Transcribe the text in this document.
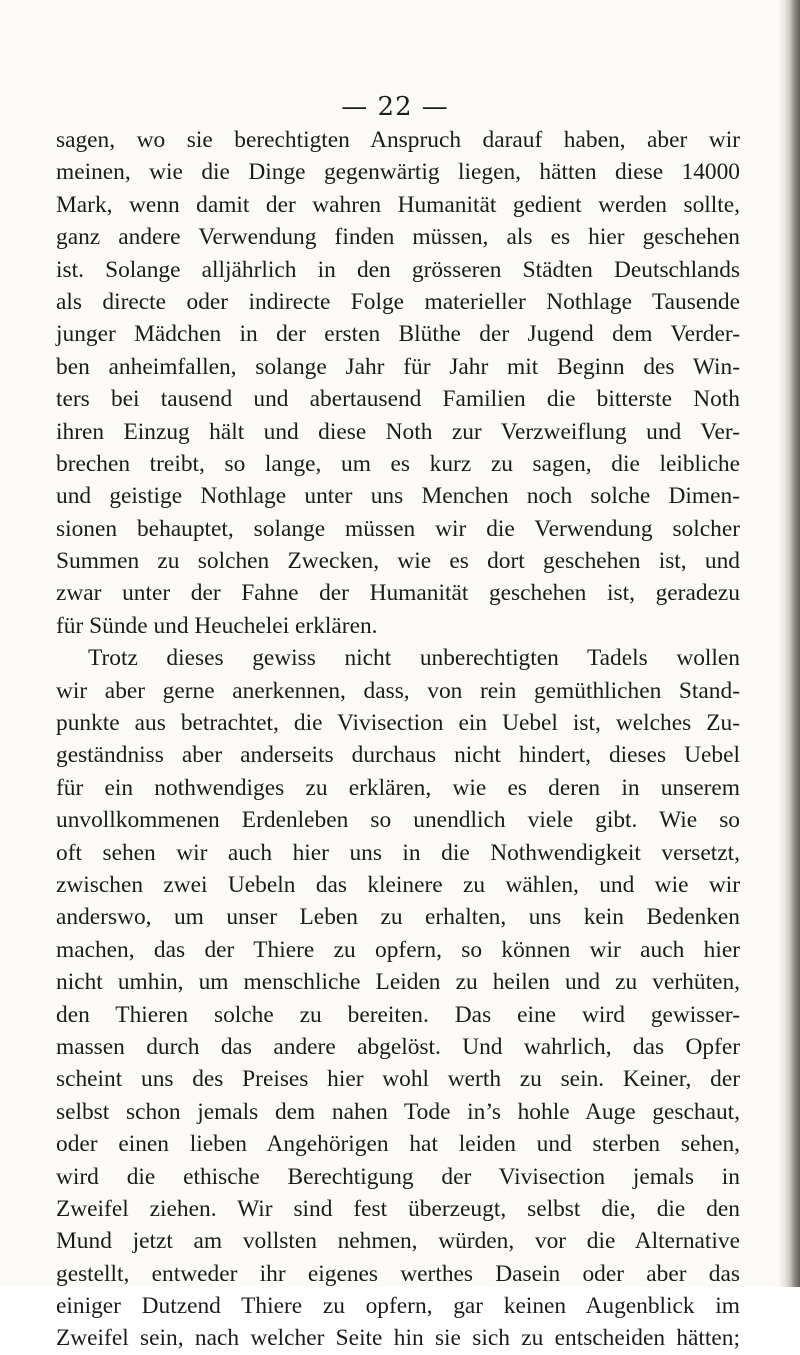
— 22 —
sagen, wo sie berechtigten Anspruch darauf haben, aber wir
meinen, wie die Dinge gegenwärtig liegen, hätten diese 14000
Mark, wenn damit der wahren Humanität gedient werden sollte,
ganz andere Verwendung finden müssen, als es hier geschehen
ist. Solange alljährlich in den grösseren Städten Deutschlands
als directe oder indirecte Folge materieller Nothlage Tausende
junger Mädchen in der ersten Blüthe der Jugend dem Verder-
ben anheimfallen, solange Jahr für Jahr mit Beginn des Win-
ters bei tausend und abertausend Familien die bitterste Noth
ihren Einzug hält und diese Noth zur Verzweiflung und Ver-
brechen treibt, so lange, um es kurz zu sagen, die leibliche
und geistige Nothlage unter uns Menchen noch solche Dimen-
sionen behauptet, solange müssen wir die Verwendung solcher
Summen zu solchen Zwecken, wie es dort geschehen ist, und
zwar unter der Fahne der Humanität geschehen ist, geradezu
für Sünde und Heuchelei erklären.
Trotz dieses gewiss nicht unberechtigten Tadels wollen
wir aber gerne anerkennen, dass, von rein gemüthlichen Stand-
punkte aus betrachtet, die Vivisection ein Uebel ist, welches Zu-
geständniss aber anderseits durchaus nicht hindert, dieses Uebel
für ein nothwendiges zu erklären, wie es deren in unserem
unvollkommenen Erdenleben so unendlich viele gibt. Wie so
oft sehen wir auch hier uns in die Nothwendigkeit versetzt,
zwischen zwei Uebeln das kleinere zu wählen, und wie wir
anderswo, um unser Leben zu erhalten, uns kein Bedenken
machen, das der Thiere zu opfern, so können wir auch hier
nicht umhin, um menschliche Leiden zu heilen und zu verhüten,
den Thieren solche zu bereiten. Das eine wird gewisser-
massen durch das andere abgelöst. Und wahrlich, das Opfer
scheint uns des Preises hier wohl werth zu sein. Keiner, der
selbst schon jemals dem nahen Tode in’s hohle Auge geschaut,
oder einen lieben Angehörigen hat leiden und sterben sehen,
wird die ethische Berechtigung der Vivisection jemals in
Zweifel ziehen. Wir sind fest überzeugt, selbst die, die den
Mund jetzt am vollsten nehmen, würden, vor die Alternative
gestellt, entweder ihr eigenes werthes Dasein oder aber das
einiger Dutzend Thiere zu opfern, gar keinen Augenblick im
Zweifel sein, nach welcher Seite hin sie sich zu entscheiden hätten;
